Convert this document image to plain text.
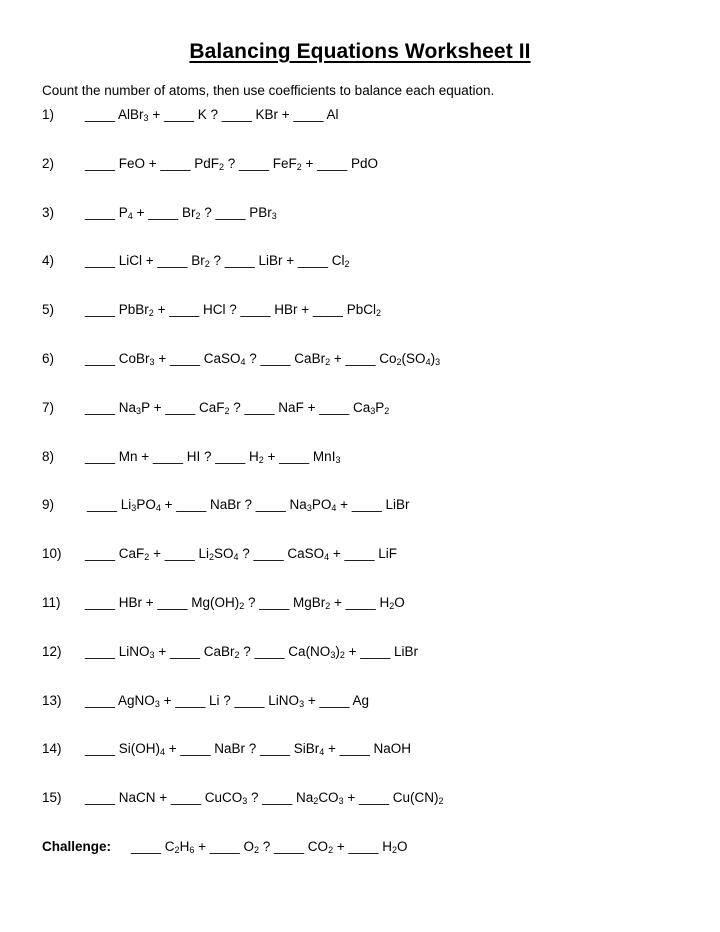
Balancing Equations Worksheet II
Count the number of atoms, then use coefficients to balance each equation.
1) ____ AlBr$_3$ + ____ K ? ____ KBr + ____ Al
2) ____ FeO + ____ PdF$_2$ ? ____ FeF$_2$ + ____ PdO
3) ____ $P_4$ + ____ $Br_2$ ? ____ PBr$_3$
4) ____ LiCl + ____ $Br_2$ ? ____ LiBr + ____ $Cl_2$
5) ____ PbBr$_2$ + ____ HCl ? ____ HBr + ____ PbCl$_2$
6) ____ CoBr$_3$ + ____ CaSO$_4$ ? ____ CaBr$_2$ + ____ $Co_2(SO_4)_3$
7) ____ $Na_3P$ + ____ CaF$_2$ ? ____ NaF + ____ $Ca_3P_2$
8) ____ Mn + ____ HI ? ____ $H_2$ + ____ MnI$_3$
9) ____ $Li_3PO_4$ + ____ NaBr ? ____ $Na_3PO_4$ + ____ LiBr
10) ____ CaF$_2$ + ____ $Li_2SO_4$ ? ____ CaSO$_4$ + ____ LiF
11) ____ HBr + ____ $Mg(OH)_2$ ? ____ MgBr$_2$ + ____ $H_2O$
12) ____ LiNO$_3$ + ____ CaBr$_2$ ? ____ $Ca(NO_3)_2$ + ____ LiBr
13) ____ AgNO$_3$ + ____ Li ? ____ LiNO$_3$ + ____ Ag
14) ____ $Si(OH)_4$ + ____ NaBr ? ____ SiBr$_4$ + ____ NaOH
15) ____ NaCN + ____ CuCO$_3$ ? ____ $Na_2CO_3$ + ____ $Cu(CN)_2$
Challenge: ____ $C_2H_6$ + ____ $O_2$ ? ____ $CO_2$ + ____ $H_2O$
